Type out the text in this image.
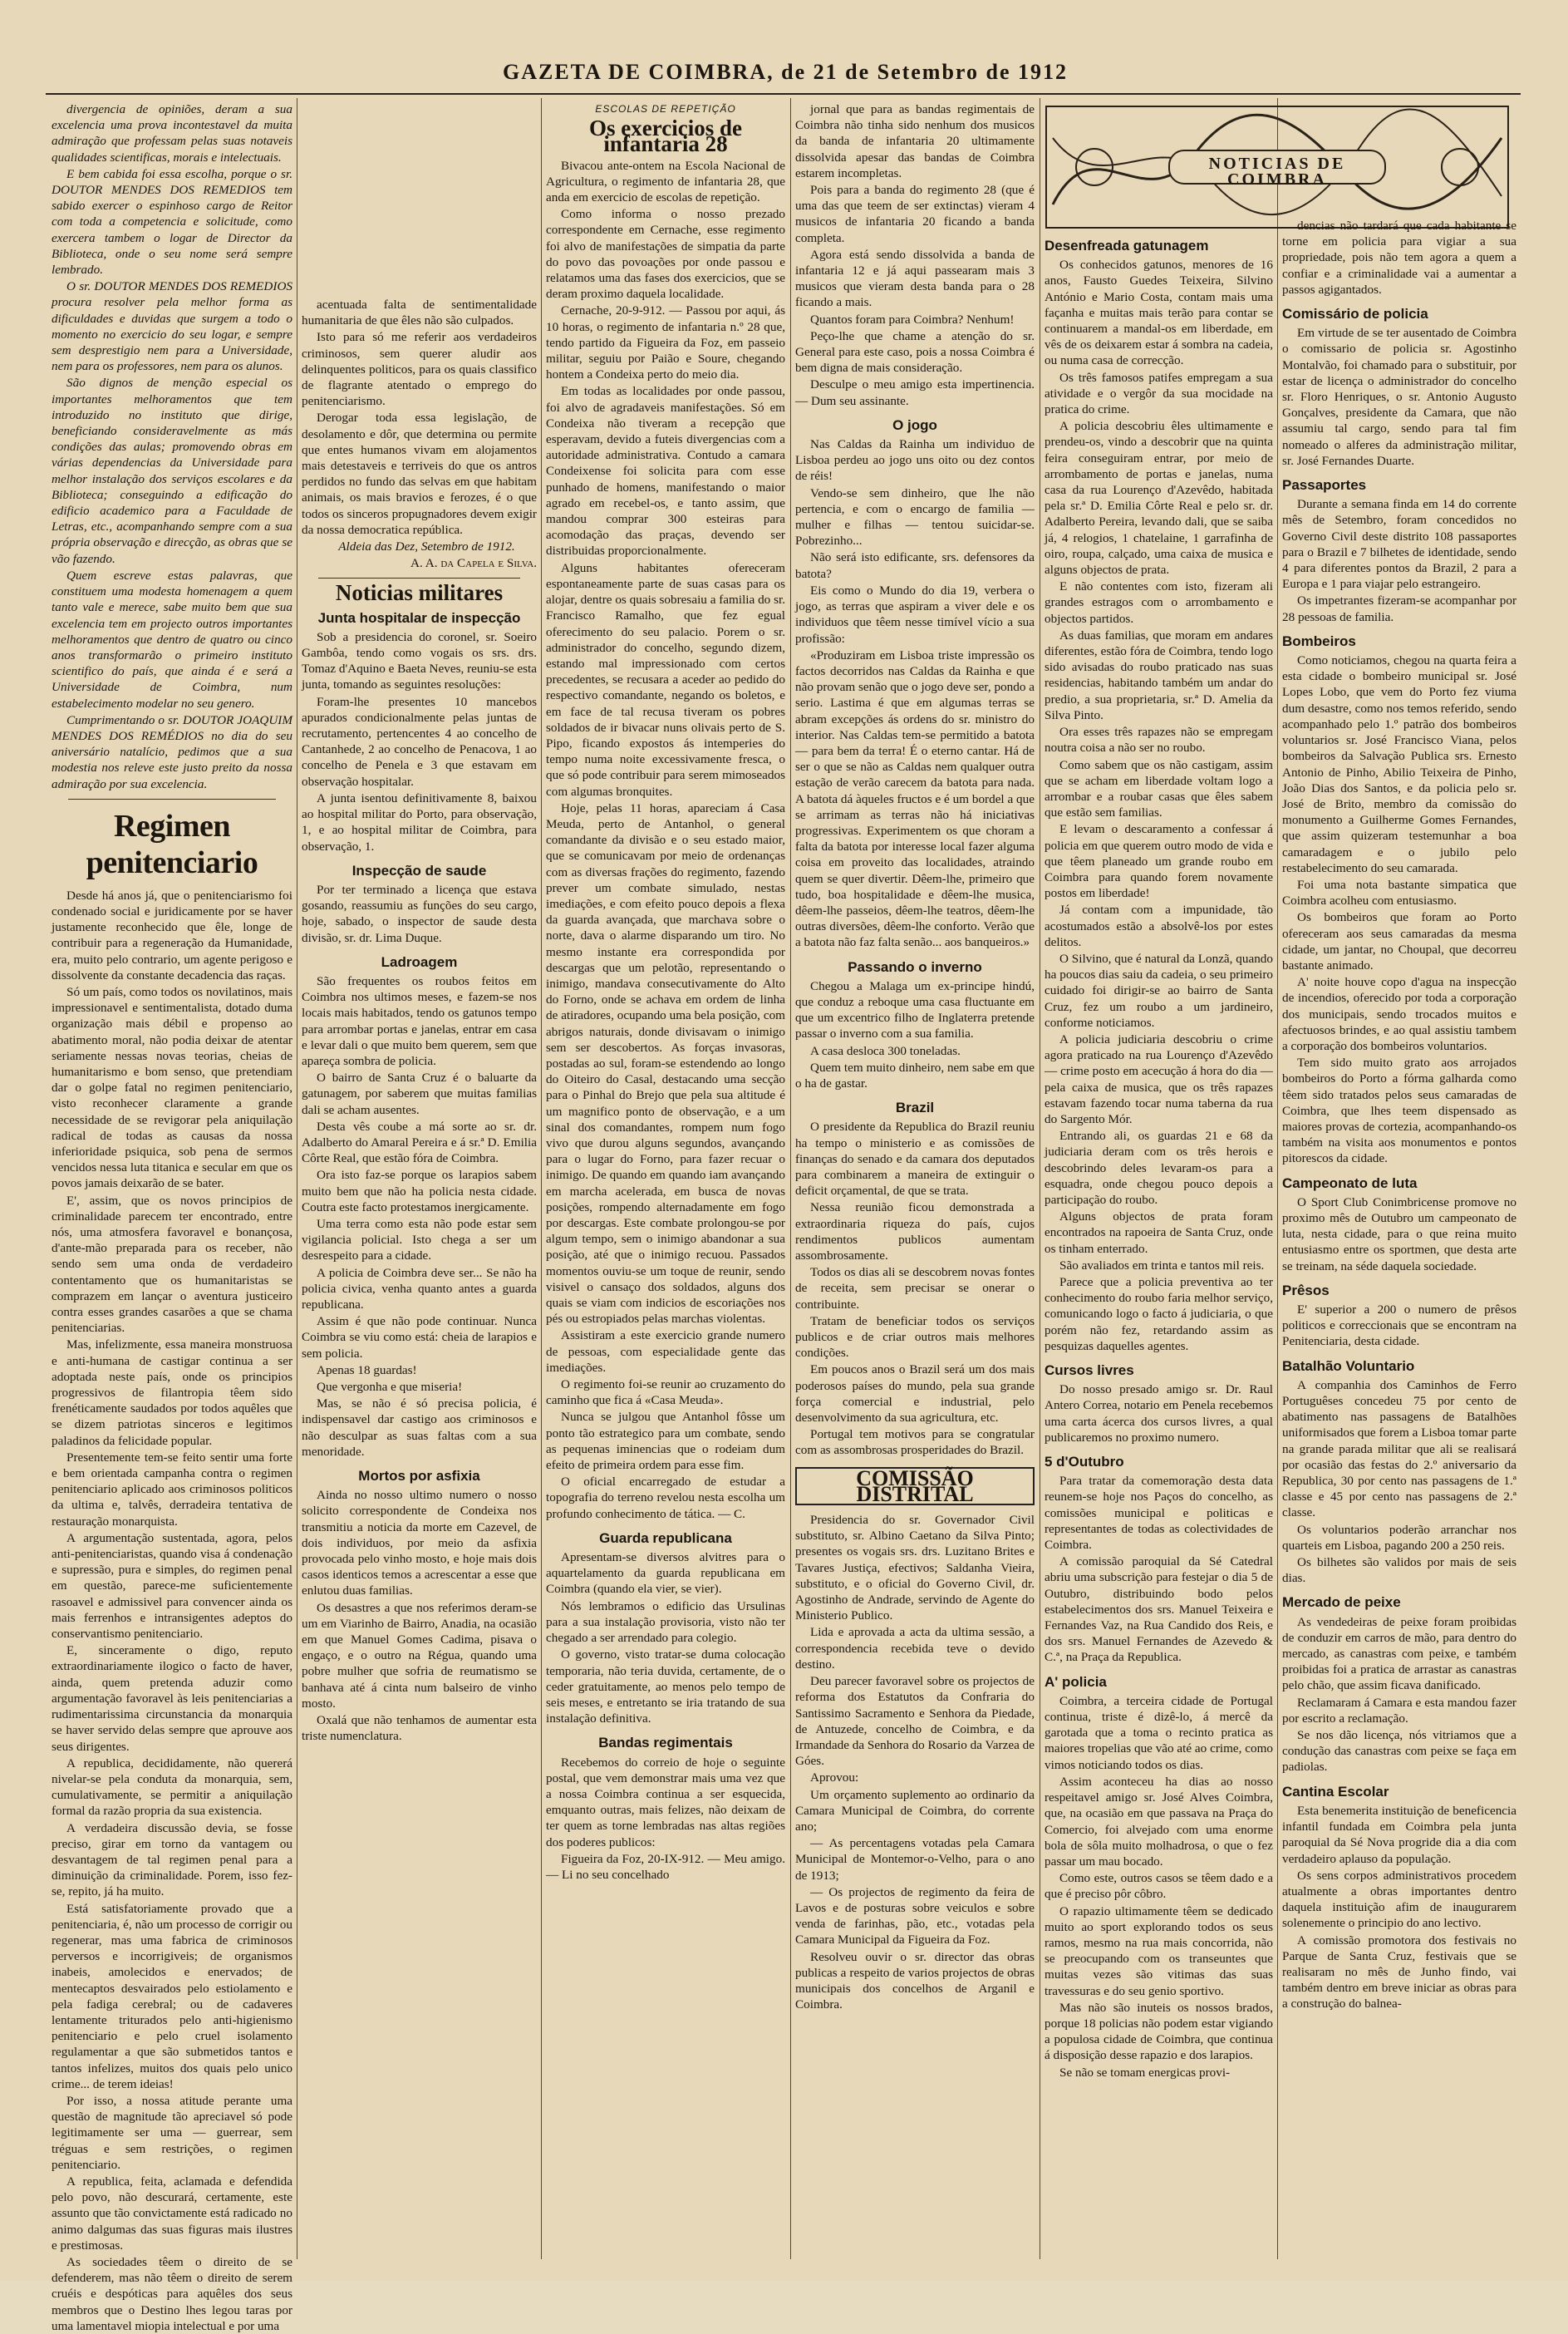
GAZETA DE COIMBRA, de 21 de Setembro de 1912

divergencia de opiniões, deram a sua excelencia uma prova incontestavel da muita admiração que professam pelas suas notaveis qualidades scientificas, morais e intelectuais.

E bem cabida foi essa escolha, porque o sr. DOUTOR MENDES DOS REMEDIOS tem sabido exercer o espinhoso cargo de Reitor com toda a competencia e solicitude, como exercera tambem o logar de Director da Biblioteca, onde o seu nome será sempre lembrado.

O sr. DOUTOR MENDES DOS REMEDIOS procura resolver pela melhor forma as dificuldades e duvidas que surgem a todo o momento no exercicio do seu logar, e sempre sem desprestigio nem para a Universidade, nem para os professores, nem para os alunos.

São dignos de menção especial os importantes melhoramentos que tem introduzido no instituto que dirige, beneficiando consideravelmente as más condições das aulas; promovendo obras em várias dependencias da Universidade para melhor instalação dos serviços escolares e da Biblioteca; conseguindo a edificação do edificio academico para a Faculdade de Letras, etc., acompanhando sempre com a sua própria observação e direcção, as obras que se vão fazendo.

Quem escreve estas palavras, que constituem uma modesta homenagem a quem tanto vale e merece, sabe muito bem que sua excelencia tem em projecto outros importantes melhoramentos que dentro de quatro ou cinco anos transformarão o primeiro instituto scientifico do país, que ainda é e será a Universidade de Coimbra, num estabelecimento modelar no seu genero.

Cumprimentando o sr. DOUTOR JOAQUIM MENDES DOS REMÉDIOS no dia do seu aniversário natalício, pedimos que a sua modestia nos releve este justo preito da nossa admiração por sua excelencia.

Regimen penitenciario

Desde há anos já, que o penitenciarismo foi condenado social e juridicamente por se haver justamente reconhecido que êle, longe de contribuir para a regeneração da Humanidade, era, muito pelo contrario, um agente perigoso e dissolvente da constante decadencia das raças.

Só um país, como todos os novilatinos, mais impressionavel e sentimentalista, dotado duma organização mais débil e propenso ao abatimento moral, não podia deixar de atentar seriamente nessas novas teorias, cheias de humanitarismo e bom senso, que pretendiam dar o golpe fatal no regimen penitenciario, visto reconhecer claramente a grande necessidade de se revigorar pela aniquilação radical de todas as causas da nossa inferioridade psiquica, sob pena de sermos vencidos nessa luta titanica e secular em que os povos jamais deixarão de se bater.

E', assim, que os novos principios de criminalidade parecem ter encontrado, entre nós, uma atmosfera favoravel e bonançosa, d'ante-mão preparada para os receber, não sendo sem uma onda de verdadeiro contentamento que os humanitaristas se comprazem em lançar o aventura justiceiro contra esses grandes casarões a que se chama penitenciarias.

Mas, infelizmente, essa maneira monstruosa e anti-humana de castigar continua a ser adoptada neste país, onde os principios progressivos de filantropia têem sido frenéticamente saudados por todos aquêles que se dizem patriotas sinceros e legitimos paladinos da felicidade popular.

Presentemente tem-se feito sentir uma forte e bem orientada campanha contra o regimen penitenciario aplicado aos criminosos politicos da ultima e, talvês, derradeira tentativa de restauração monarquista.

A argumentação sustentada, agora, pelos anti-penitenciaristas, quando visa á condenação e supressão, pura e simples, do regimen penal em questão, parece-me suficientemente rasoavel e admissivel para convencer ainda os mais ferrenhos e intransigentes adeptos do conservantismo penitenciario.

E, sinceramente o digo, reputo extraordinariamente ilogico o facto de haver, ainda, quem pretenda aduzir como argumentação favoravel às leis penitenciarias a rudimentarissima circunstancia da monarquia se haver servido delas sempre que aprouve aos seus dirigentes.

A republica, decididamente, não quererá nivelar-se pela conduta da monarquia, sem, cumulativamente, se permitir a aniquilação formal da razão propria da sua existencia.

A verdadeira discussão devia, se fosse preciso, girar em torno da vantagem ou desvantagem de tal regimen penal para a diminuição da criminalidade. Porem, isso fez-se, repito, já ha muito.

Está satisfatoriamente provado que a penitenciaria, é, não um processo de corrigir ou regenerar, mas uma fabrica de criminosos perversos e incorrigiveis; de organismos inabeis, amolecidos e enervados; de mentecaptos desvairados pelo estiolamento e pela fadiga cerebral; ou de cadaveres lentamente triturados pelo anti-higienismo penitenciario e pelo cruel isolamento regulamentar a que são submetidos tantos e tantos infelizes, muitos dos quais pelo unico crime... de terem ideias!

Por isso, a nossa atitude perante uma questão de magnitude tão apreciavel só pode legitimamente ser uma — guerrear, sem tréguas e sem restrições, o regimen penitenciario.

A republica, feita, aclamada e defendida pelo povo, não descurará, certamente, este assunto que tão convictamente está radicado no animo dalgumas das suas figuras mais ilustres e prestimosas.

As sociedades têem o direito de se defenderem, mas não têem o direito de serem cruéis e despóticas para aquêles dos seus membros que o Destino lhes legou taras por uma lamentavel miopia intelectual e por uma

acentuada falta de sentimentalidade humanitaria de que êles não são culpados.

Isto para só me referir aos verdadeiros criminosos, sem querer aludir aos delinquentes politicos, para os quais classifico de flagrante atentado o emprego do penitenciarismo.

Derogar toda essa legislação, de desolamento e dôr, que determina ou permite que entes humanos vivam em alojamentos mais detestaveis e terriveis do que os antros perdidos no fundo das selvas em que habitam animais, os mais bravios e ferozes, é o que todos os sinceros propugnadores devem exigir da nossa democratica república.

Aldeia das Dez, Setembro de 1912.

A. A. da Capela e Silva.

Noticias militares
Junta hospitalar de inspecção

Sob a presidencia do coronel, sr. Soeiro Gambôa, tendo como vogais os srs. drs. Tomaz d'Aquino e Baeta Neves, reuniu-se esta junta, tomando as seguintes resoluções:

Foram-lhe presentes 10 mancebos apurados condicionalmente pelas juntas de recrutamento, pertencentes 4 ao concelho de Cantanhede, 2 ao concelho de Penacova, 1 ao concelho de Penela e 3 que estavam em observação hospitalar.

A junta isentou definitivamente 8, baixou ao hospital militar do Porto, para observação, 1, e ao hospital militar de Coimbra, para observação, 1.

Inspecção de saude

Por ter terminado a licença que estava gosando, reassumiu as funções do seu cargo, hoje, sabado, o inspector de saude desta divisão, sr. dr. Lima Duque.

Ladroagem

São frequentes os roubos feitos em Coimbra nos ultimos meses, e fazem-se nos locais mais habitados, tendo os gatunos tempo para arrombar portas e janelas, entrar em casa e levar dali o que muito bem querem, sem que apareça sombra de policia.

O bairro de Santa Cruz é o baluarte da gatunagem, por saberem que muitas familias dali se acham ausentes.

Desta vês coube a má sorte ao sr. dr. Adalberto do Amaral Pereira e á sr.ª D. Emilia Côrte Real, que estão fóra de Coimbra.

Ora isto faz-se porque os larapios sabem muito bem que não ha policia nesta cidade. Coutra este facto protestamos inergicamente.

Uma terra como esta não pode estar sem vigilancia policial. Isto chega a ser um desrespeito para a cidade.

A policia de Coimbra deve ser... Se não ha policia civica, venha quanto antes a guarda republicana.

Assim é que não pode continuar. Nunca Coimbra se viu como está: cheia de larapios e sem policia.

Apenas 18 guardas!

Que vergonha e que miseria!

Mas, se não é só precisa policia, é indispensavel dar castigo aos criminosos e não desculpar as suas faltas com a sua menoridade.

Mortos por asfixia

Ainda no nosso ultimo numero o nosso solicito correspondente de Condeixa nos transmitiu a noticia da morte em Cazevel, de dois individuos, por meio da asfixia provocada pelo vinho mosto, e hoje mais dois casos identicos temos a acrescentar a esse que enlutou duas familias.

Os desastres a que nos referimos deram-se um em Viarinho de Bairro, Anadia, na ocasião em que Manuel Gomes Cadima, pisava o engaço, e o outro na Régua, quando uma pobre mulher que sofria de reumatismo se banhava até á cinta num balseiro de vinho mosto.

Oxalá que não tenhamos de aumentar esta triste numenclatura.

ESCOLAS DE REPETIÇÃO
Os exercicios de infantaria 28

Bivacou ante-ontem na Escola Nacional de Agricultura, o regimento de infantaria 28, que anda em exercicio de escolas de repetição.

Como informa o nosso prezado correspondente em Cernache, esse regimento foi alvo de manifestações de simpatia da parte do povo das povoações por onde passou e relatamos uma das fases dos exercicios, que se deram proximo daquela localidade.

Cernache, 20-9-912. — Passou por aqui, ás 10 horas, o regimento de infantaria n.º 28 que, tendo partido da Figueira da Foz, em passeio militar, seguiu por Paião e Soure, chegando hontem a Condeixa perto do meio dia.

Em todas as localidades por onde passou, foi alvo de agradaveis manifestações. Só em Condeixa não tiveram a recepção que esperavam, devido a futeis divergencias com a autoridade administrativa. Contudo a camara Condeixense foi solicita para com esse punhado de homens, manifestando o maior agrado em recebel-os, e tanto assim, que mandou comprar 300 esteiras para acomodação das praças, devendo ser distribuidas proporcionalmente.

Alguns habitantes ofereceram espontaneamente parte de suas casas para os alojar, dentre os quais sobresaiu a familia do sr. Francisco Ramalho, que fez egual oferecimento do seu palacio. Porem o sr. administrador do concelho, segundo dizem, estando mal impressionado com certos precedentes, se recusara a aceder ao pedido do respectivo comandante, negando os boletos, e em face de tal recusa tiveram os pobres soldados de ir bivacar nuns olivais perto de S. Pipo, ficando expostos ás intemperies do tempo numa noite excessivamente fresca, o que só pode contribuir para serem mimoseados com algumas bronquites.

Hoje, pelas 11 horas, apareciam á Casa Meuda, perto de Antanhol, o general comandante da divisão e o seu estado maior, que se comunicavam por meio de ordenanças com as diversas frações do regimento, fazendo prever um combate simulado, nestas imediações, e com efeito pouco depois a flexa da guarda avançada, que marchava sobre o norte, dava o alarme disparando um tiro. No mesmo instante era correspondida por descargas que um pelotão, representando o inimigo, mandava consecutivamente do Alto do Forno, onde se achava em ordem de linha de atiradores, ocupando uma bela posição, com abrigos naturais, donde divisavam o inimigo sem ser descobertos. As forças invasoras, postadas ao sul, foram-se estendendo ao longo do Oiteiro do Casal, destacando uma secção para o Pinhal do Brejo que pela sua altitude é um magnifico ponto de observação, e a um sinal dos comandantes, rompem num fogo vivo que durou alguns segundos, avançando para o lugar do Forno, para fazer recuar o inimigo. De quando em quando iam avançando em marcha acelerada, em busca de novas posições, rompendo alternadamente em fogo por descargas. Este combate prolongou-se por algum tempo, sem o inimigo abandonar a sua posição, até que o inimigo recuou. Passados momentos ouviu-se um toque de reunir, sendo visivel o cansaço dos soldados, alguns dos quais se viam com indicios de escoriações nos pés ou estropiados pelas marchas violentas.

Assistiram a este exercicio grande numero de pessoas, com especialidade gente das imediações.

O regimento foi-se reunir ao cruzamento do caminho que fica á «Casa Meuda».

Nunca se julgou que Antanhol fôsse um ponto tão estrategico para um combate, sendo as pequenas iminencias que o rodeiam dum efeito de primeira ordem para esse fim.

O oficial encarregado de estudar a topografia do terreno revelou nesta escolha um profundo conhecimento de tática. — C.

Guarda republicana

Apresentam-se diversos alvitres para o aquartelamento da guarda republicana em Coimbra (quando ela vier, se vier).

Nós lembramos o edificio das Ursulinas para a sua instalação provisoria, visto não ter chegado a ser arrendado para colegio.

O governo, visto tratar-se duma colocação temporaria, não teria duvida, certamente, de o ceder gratuitamente, ao menos pelo tempo de seis meses, e entretanto se iria tratando de sua instalação definitiva.

Bandas regimentais

Recebemos do correio de hoje o seguinte postal, que vem demonstrar mais uma vez que a nossa Coimbra continua a ser esquecida, emquanto outras, mais felizes, não deixam de ter quem as torne lembradas nas altas regiões dos poderes publicos:

Figueira da Foz, 20-IX-912. — Meu amigo. — Li no seu concelhado

jornal que para as bandas regimentais de Coimbra não tinha sido nenhum dos musicos da banda de infantaria 20 ultimamente dissolvida apesar das bandas de Coimbra estarem incompletas.

Pois para a banda do regimento 28 (que é uma das que teem de ser extinctas) vieram 4 musicos de infantaria 20 ficando a banda completa.

Agora está sendo dissolvida a banda de infantaria 12 e já aqui passearam mais 3 musicos que vieram desta banda para o 28 ficando a mais.

Quantos foram para Coimbra? Nenhum!

Peço-lhe que chame a atenção do sr. General para este caso, pois a nossa Coimbra é bem digna de mais consideração.

Desculpe o meu amigo esta impertinencia. — Dum seu assinante.

O jogo

Nas Caldas da Rainha um individuo de Lisboa perdeu ao jogo uns oito ou dez contos de réis!

Vendo-se sem dinheiro, que lhe não pertencia, e com o encargo de familia — mulher e filhas — tentou suicidar-se. Pobrezinho...

Não será isto edificante, srs. defensores da batota?

Eis como o Mundo do dia 19, verbera o jogo, as terras que aspiram a viver dele e os individuos que têem nesse timível vício a sua profissão:

«Produziram em Lisboa triste impressão os factos decorridos nas Caldas da Rainha e que não provam senão que o jogo deve ser, pondo a serio. Lastima é que em algumas terras se abram excepções ás ordens do sr. ministro do interior. Nas Caldas tem-se permitido a batota — para bem da terra! É o eterno cantar. Há de ser o que se não as Caldas nem qualquer outra estação de verão carecem da batota para nada. A batota dá àqueles fructos e é um bordel a que se arrimam as terras não há iniciativas progressivas. Experimentem os que choram a falta da batota por interesse local fazer alguma coisa em proveito das localidades, atraindo quem se quer divertir. Dêem-lhe, primeiro que tudo, boa hospitalidade e dêem-lhe musica, dêem-lhe passeios, dêem-lhe teatros, dêem-lhe outras diversões, dêem-lhe conforto. Verão que a batota não faz falta senão... aos banqueiros.»

Passando o inverno

Chegou a Malaga um ex-principe hindú, que conduz a reboque uma casa fluctuante em que um excentrico filho de Inglaterra pretende passar o inverno com a sua familia.

A casa desloca 300 toneladas.

Quem tem muito dinheiro, nem sabe em que o ha de gastar.

Brazil

O presidente da Republica do Brazil reuniu ha tempo o ministerio e as comissões de finanças do senado e da camara dos deputados para combinarem a maneira de extinguir o deficit orçamental, de que se trata.

Nessa reunião ficou demonstrada a extraordinaria riqueza do país, cujos rendimentos publicos aumentam assombrosamente.

Todos os dias ali se descobrem novas fontes de receita, sem precisar se onerar o contribuinte.

Tratam de beneficiar todos os serviços publicos e de criar outros mais melhores condições.

Em poucos anos o Brazil será um dos mais poderosos países do mundo, pela sua grande força comercial e industrial, pelo desenvolvimento da sua agricultura, etc.

Portugal tem motivos para se congratular com as assombrosas prosperidades do Brazil.

COMISSÃO DISTRITAL

Presidencia do sr. Governador Civil substituto, sr. Albino Caetano da Silva Pinto; presentes os vogais srs. drs. Luzitano Brites e Tavares Justiça, efectivos; Saldanha Vieira, substituto, e o oficial do Governo Civil, dr. Agostinho de Andrade, servindo de Agente do Ministerio Publico.

Lida e aprovada a acta da ultima sessão, a correspondencia recebida teve o devido destino.

Deu parecer favoravel sobre os projectos de reforma dos Estatutos da Confraria do Santissimo Sacramento e Senhora da Piedade, de Antuzede, concelho de Coimbra, e da Irmandade da Senhora do Rosario da Varzea de Góes.

Aprovou:

Um orçamento suplemento ao ordinario da Camara Municipal de Coimbra, do corrente ano;

— As percentagens votadas pela Camara Municipal de Montemor-o-Velho, para o ano de 1913;

— Os projectos de regimento da feira de Lavos e de posturas sobre veiculos e sobre venda de farinhas, pão, etc., votadas pela Camara Municipal da Figueira da Foz.

Resolveu ouvir o sr. director das obras publicas a respeito de varios projectos de obras municipais dos concelhos de Arganil e Coimbra.

NOTICIAS DE COIMBRA
Desenfreada gatunagem

Os conhecidos gatunos, menores de 16 anos, Fausto Guedes Teixeira, Silvino António e Mario Costa, contam mais uma façanha e muitas mais terão para contar se continuarem a mandal-os em liberdade, em vês de os deixarem estar á sombra na cadeia, ou numa casa de correcção.

Os três famosos patifes empregam a sua atividade e o vergôr da sua mocidade na pratica do crime.

A policia descobriu êles ultimamente e prendeu-os, vindo a descobrir que na quinta feira conseguiram entrar, por meio de arrombamento de portas e janelas, numa casa da rua Lourenço d'Azevêdo, habitada pela sr.ª D. Emilia Côrte Real e pelo sr. dr. Adalberto Pereira, levando dali, que se saiba já, 4 relogios, 1 chatelaine, 1 garrafinha de oiro, roupa, calçado, uma caixa de musica e alguns objectos de prata.

E não contentes com isto, fizeram ali grandes estragos com o arrombamento e objectos partidos.

As duas familias, que moram em andares diferentes, estão fóra de Coimbra, tendo logo sido avisadas do roubo praticado nas suas residencias, habitando também um andar do predio, a sua proprietaria, sr.ª D. Amelia da Silva Pinto.

Ora esses três rapazes não se empregam noutra coisa a não ser no roubo.

Como sabem que os não castigam, assim que se acham em liberdade voltam logo a arrombar e a roubar casas que êles sabem que estão sem familias.

E levam o descaramento a confessar á policia em que querem outro modo de vida e que têem planeado um grande roubo em Coimbra para quando forem novamente postos em liberdade!

Já contam com a impunidade, tão acostumados estão a absolvê-los por estes delitos.

O Silvino, que é natural da Lonzã, quando ha poucos dias saiu da cadeia, o seu primeiro cuidado foi dirigir-se ao bairro de Santa Cruz, fez um roubo a um jardineiro, conforme noticiamos.

A policia judiciaria descobriu o crime agora praticado na rua Lourenço d'Azevêdo — crime posto em acecução á hora do dia — pela caixa de musica, que os três rapazes estavam fazendo tocar numa taberna da rua do Sargento Mór.

Entrando ali, os guardas 21 e 68 da judiciaria deram com os três herois e descobrindo deles levaram-os para a esquadra, onde chegou pouco depois a participação do roubo.

Alguns objectos de prata foram encontrados na rapoeira de Santa Cruz, onde os tinham enterrado.

São avaliados em trinta e tantos mil reis.

Parece que a policia preventiva ao ter conhecimento do roubo faria melhor serviço, comunicando logo o facto á judiciaria, o que porém não fez, retardando assim as pesquizas daquelles agentes.

Cursos livres

Do nosso presado amigo sr. Dr. Raul Antero Correa, notario em Penela recebemos uma carta ácerca dos cursos livres, a qual publicaremos no proximo numero.

5 d'Outubro

Para tratar da comemoração desta data reunem-se hoje nos Paços do concelho, as comissões municipal e politicas e representantes de todas as colectividades de Coimbra.

A comissão paroquial da Sé Catedral abriu uma subscrição para festejar o dia 5 de Outubro, distribuindo bodo pelos estabelecimentos dos srs. Manuel Teixeira e Fernandes Vaz, na Rua Candido dos Reis, e dos srs. Manuel Fernandes de Azevedo & C.ª, na Praça da Republica.

A' policia

Coimbra, a terceira cidade de Portugal continua, triste é dizê-lo, á mercê da garotada que a toma o recinto pratica as maiores tropelias que vão até ao crime, como vimos noticiando todos os dias.

Assim aconteceu ha dias ao nosso respeitavel amigo sr. José Alves Coimbra, que, na ocasião em que passava na Praça do Comercio, foi alvejado com uma enorme bola de sôla muito molhadrosa, o que o fez passar um mau bocado.

Como este, outros casos se têem dado e a que é preciso pôr côbro.

O rapazio ultimamente têem se dedicado muito ao sport explorando todos os seus ramos, mesmo na rua mais concorrida, não se preocupando com os transeuntes que muitas vezes são vitimas das suas travessuras e do seu genio sportivo.

Mas não são inuteis os nossos brados, porque 18 policias não podem estar vigiando a populosa cidade de Coimbra, que continua á disposição desse rapazio e dos larapios.

Se não se tomam energicas provi-

dencias não tardará que cada habitante se torne em policia para vigiar a sua propriedade, pois não tem agora a quem a confiar e a criminalidade vai a aumentar a passos agigantados.

Comissário de policia

Em virtude de se ter ausentado de Coimbra o comissario de policia sr. Agostinho Montalvão, foi chamado para o substituir, por estar de licença o administrador do concelho sr. Floro Henriques, o sr. Antonio Augusto Gonçalves, presidente da Camara, que não assumiu tal cargo, sendo para tal fim nomeado o alferes da administração militar, sr. José Fernandes Duarte.

Passaportes

Durante a semana finda em 14 do corrente mês de Setembro, foram concedidos no Governo Civil deste distrito 108 passaportes para o Brazil e 7 bilhetes de identidade, sendo 4 para diferentes pontos da Brazil, 2 para a Europa e 1 para viajar pelo estrangeiro.

Os impetrantes fizeram-se acompanhar por 28 pessoas de familia.

Bombeiros

Como noticiamos, chegou na quarta feira a esta cidade o bombeiro municipal sr. José Lopes Lobo, que vem do Porto fez viuma dum desastre, como nos temos referido, sendo acompanhado pelo 1.º patrão dos bombeiros voluntarios sr. José Francisco Viana, pelos bombeiros da Salvação Publica srs. Ernesto Antonio de Pinho, Abilio Teixeira de Pinho, João Dias dos Santos, e da policia pelo sr. José de Brito, membro da comissão do monumento a Guilherme Gomes Fernandes, que assim quizeram testemunhar a boa camaradagem e o jubilo pelo restabelecimento do seu camarada.

Foi uma nota bastante simpatica que Coimbra acolheu com entusiasmo.

Os bombeiros que foram ao Porto ofereceram aos seus camaradas da mesma cidade, um jantar, no Choupal, que decorreu bastante animado.

A' noite houve copo d'agua na inspecção de incendios, oferecido por toda a corporação dos municipais, sendo trocados muitos e afectuosos brindes, e ao qual assistiu tambem a corporação dos bombeiros voluntarios.

Tem sido muito grato aos arrojados bombeiros do Porto a fórma galharda como têem sido tratados pelos seus camaradas de Coimbra, que lhes teem dispensado as maiores provas de cortezia, acompanhando-os também na visita aos monumentos e pontos pitorescos da cidade.

Campeonato de luta

O Sport Club Conimbricense promove no proximo mês de Outubro um campeonato de luta, nesta cidade, para o que reina muito entusiasmo entre os sportmen, que desta arte se treinam, na séde daquela sociedade.

Prêsos

E' superior a 200 o numero de prêsos politicos e correccionais que se encontram na Penitenciaria, desta cidade.

Batalhão Voluntario

A companhia dos Caminhos de Ferro Portuguêses concedeu 75 por cento de abatimento nas passagens de Batalhões uniformisados que forem a Lisboa tomar parte na grande parada militar que ali se realisará por ocasião das festas do 2.º aniversario da Republica, 30 por cento nas passagens de 1.ª classe e 45 por cento nas passagens de 2.ª classe.

Os voluntarios poderão arranchar nos quarteis em Lisboa, pagando 200 a 250 reis.

Os bilhetes são validos por mais de seis dias.

Mercado de peixe

As vendedeiras de peixe foram proibidas de conduzir em carros de mão, para dentro do mercado, as canastras com peixe, e também proibidas foi a pratica de arrastar as canastras pelo chão, que assim ficava danificado.

Reclamaram á Camara e esta mandou fazer por escrito a reclamação.

Se nos dão licença, nós vitriamos que a condução das canastras com peixe se faça em padiolas.

Cantina Escolar

Esta benemerita instituição de beneficencia infantil fundada em Coimbra pela junta paroquial da Sé Nova progride dia a dia com verdadeiro aplauso da população.

Os sens corpos administrativos procedem atualmente a obras importantes dentro daquela instituição afim de inaugurarem solenemente o principio do ano lectivo.

A comissão promotora dos festivais no Parque de Santa Cruz, festivais que se realisaram no mês de Junho findo, vai também dentro em breve iniciar as obras para a construção do balnea-
